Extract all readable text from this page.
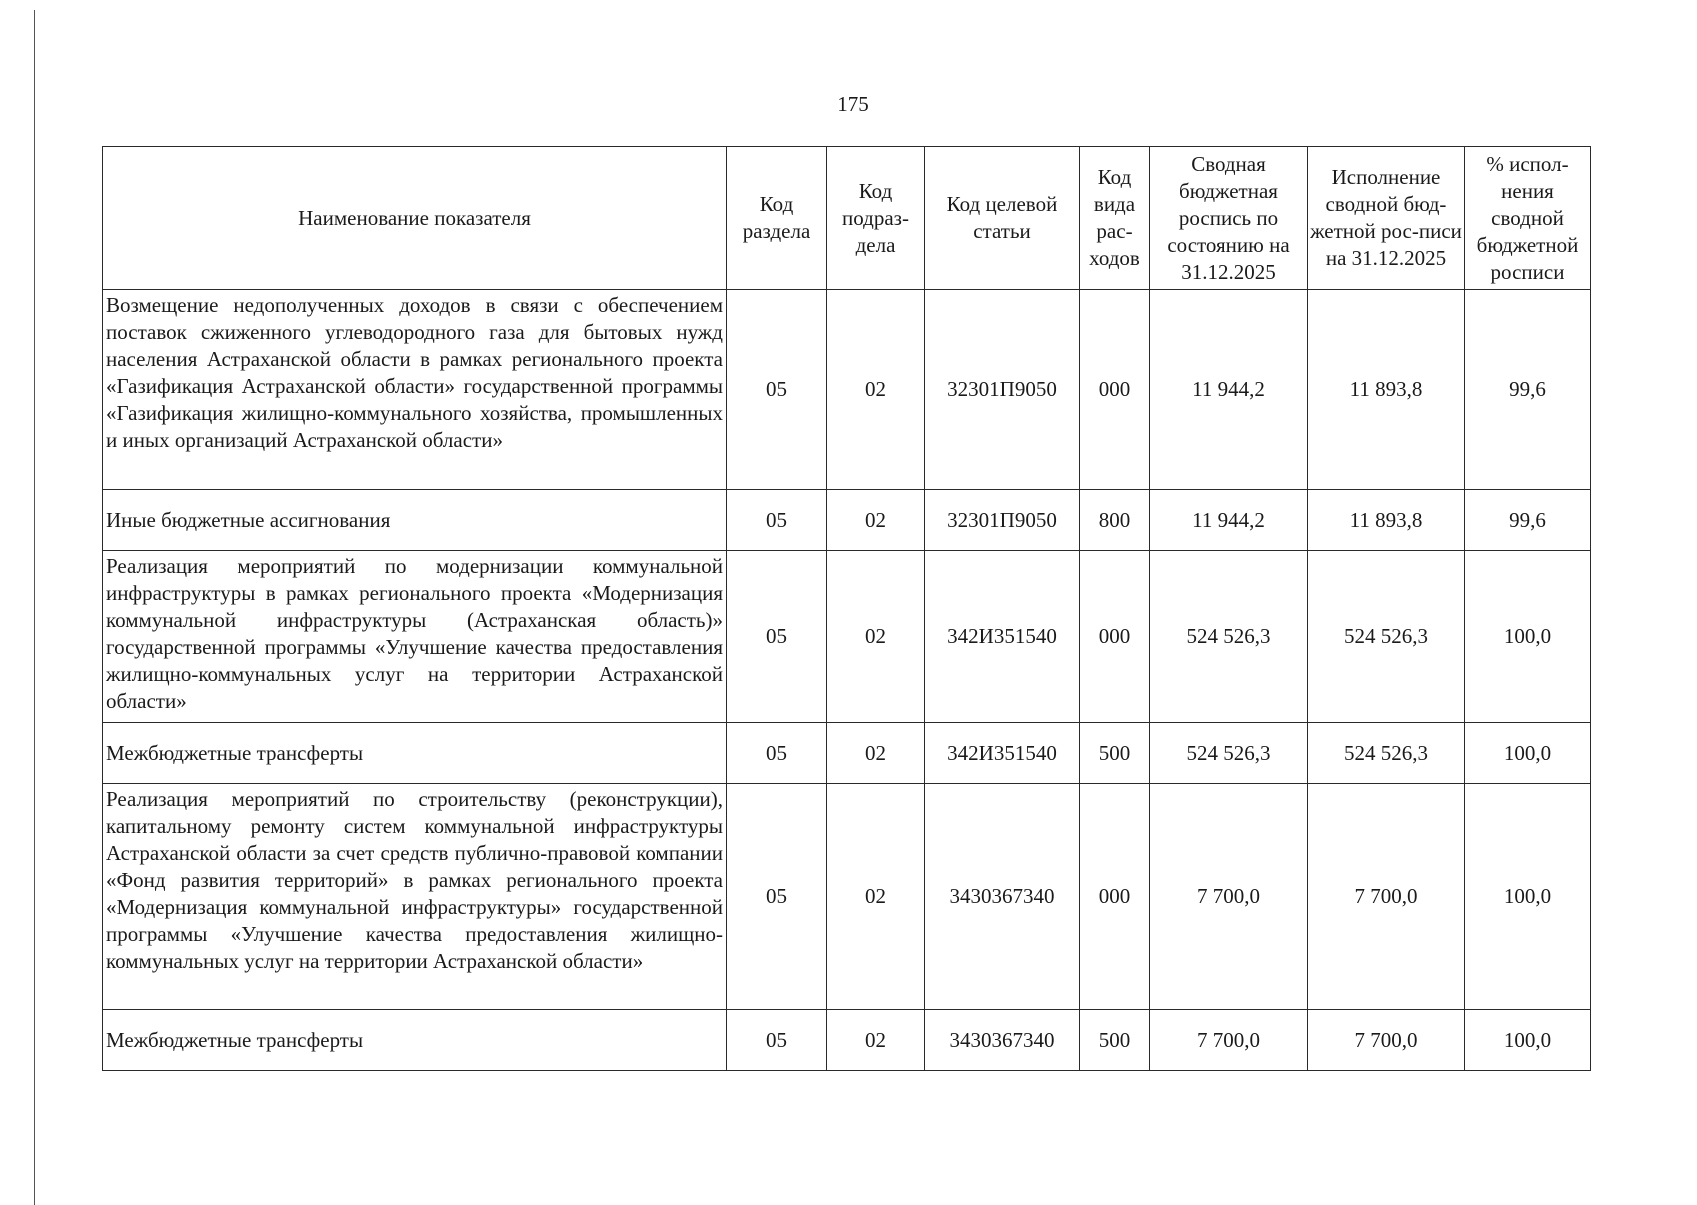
175
Наименование показателя	Код раздела	Код подраз-дела	Код целевой статьи	Код вида рас-ходов	Сводная бюджетная роспись по состоянию на 31.12.2025	Исполнение сводной бюд-жетной рос-писи на 31.12.2025	% испол-нения сводной бюджетной росписи
Возмещение недополученных доходов в связи с обеспечением поставок сжиженного углеводородного газа для бытовых нужд населения Астраханской области в рамках регионального проекта «Газификация Астраханской области» государственной программы «Газификация жилищно-коммунального хозяйства, промышленных и иных организаций Астраханской области»	05	02	32301П9050	000	11 944,2	11 893,8	99,6
Иные бюджетные ассигнования	05	02	32301П9050	800	11 944,2	11 893,8	99,6
Реализация мероприятий по модернизации коммунальной инфраструктуры в рамках регионального проекта «Модернизация коммунальной инфраструктуры (Астраханская область)» государственной программы «Улучшение качества предоставления жилищно-коммунальных услуг на территории Астраханской области»	05	02	342И351540	000	524 526,3	524 526,3	100,0
Межбюджетные трансферты	05	02	342И351540	500	524 526,3	524 526,3	100,0
Реализация мероприятий по строительству (реконструкции), капитальному ремонту систем коммунальной инфраструктуры Астраханской области за счет средств публично-правовой компании «Фонд развития территорий» в рамках регионального проекта «Модернизация коммунальной инфраструктуры» государственной программы «Улучшение качества предоставления жилищно-коммунальных услуг на территории Астраханской области»	05	02	3430367340	000	7 700,0	7 700,0	100,0
Межбюджетные трансферты	05	02	3430367340	500	7 700,0	7 700,0	100,0
